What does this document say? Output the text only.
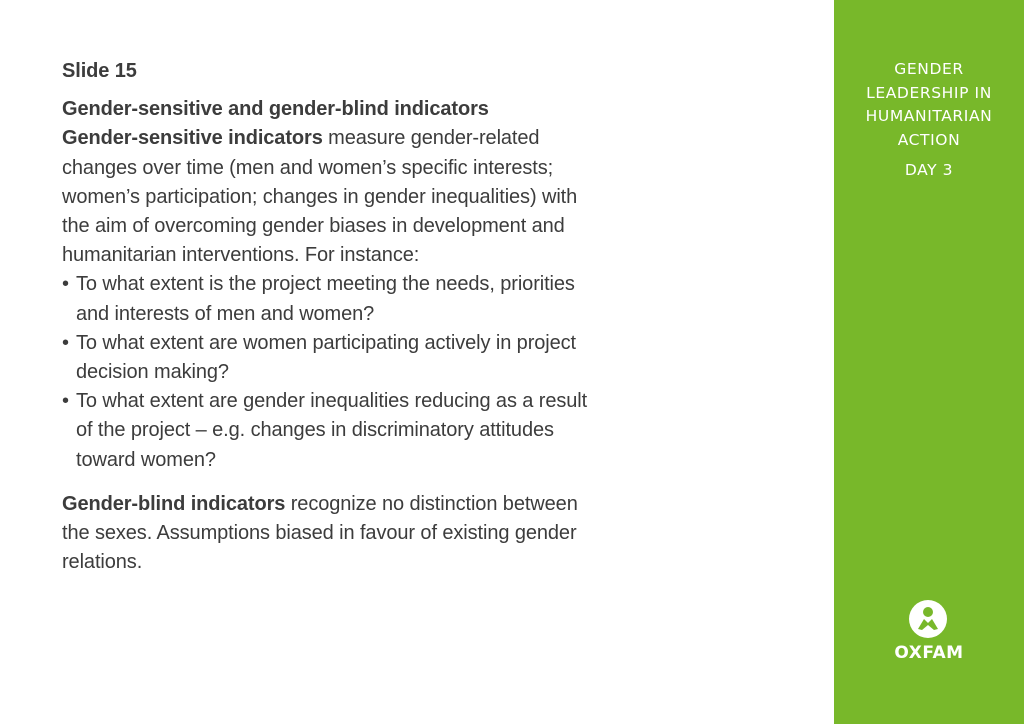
Slide 15
Gender-sensitive and gender-blind indicators

Gender-sensitive indicators measure gender-related changes over time (men and women’s specific interests; women’s participation; changes in gender inequalities) with the aim of overcoming gender biases in development and humanitarian interventions. For instance:

• To what extent is the project meeting the needs, priorities and interests of men and women?
• To what extent are women participating actively in project decision making?
• To what extent are gender inequalities reducing as a result of the project – e.g. changes in discriminatory attitudes toward women?

Gender-blind indicators recognize no distinction between the sexes. Assumptions biased in favour of existing gender relations.

GENDER
LEADERSHIP IN
HUMANITARIAN
ACTION
DAY 3
OXFAM
